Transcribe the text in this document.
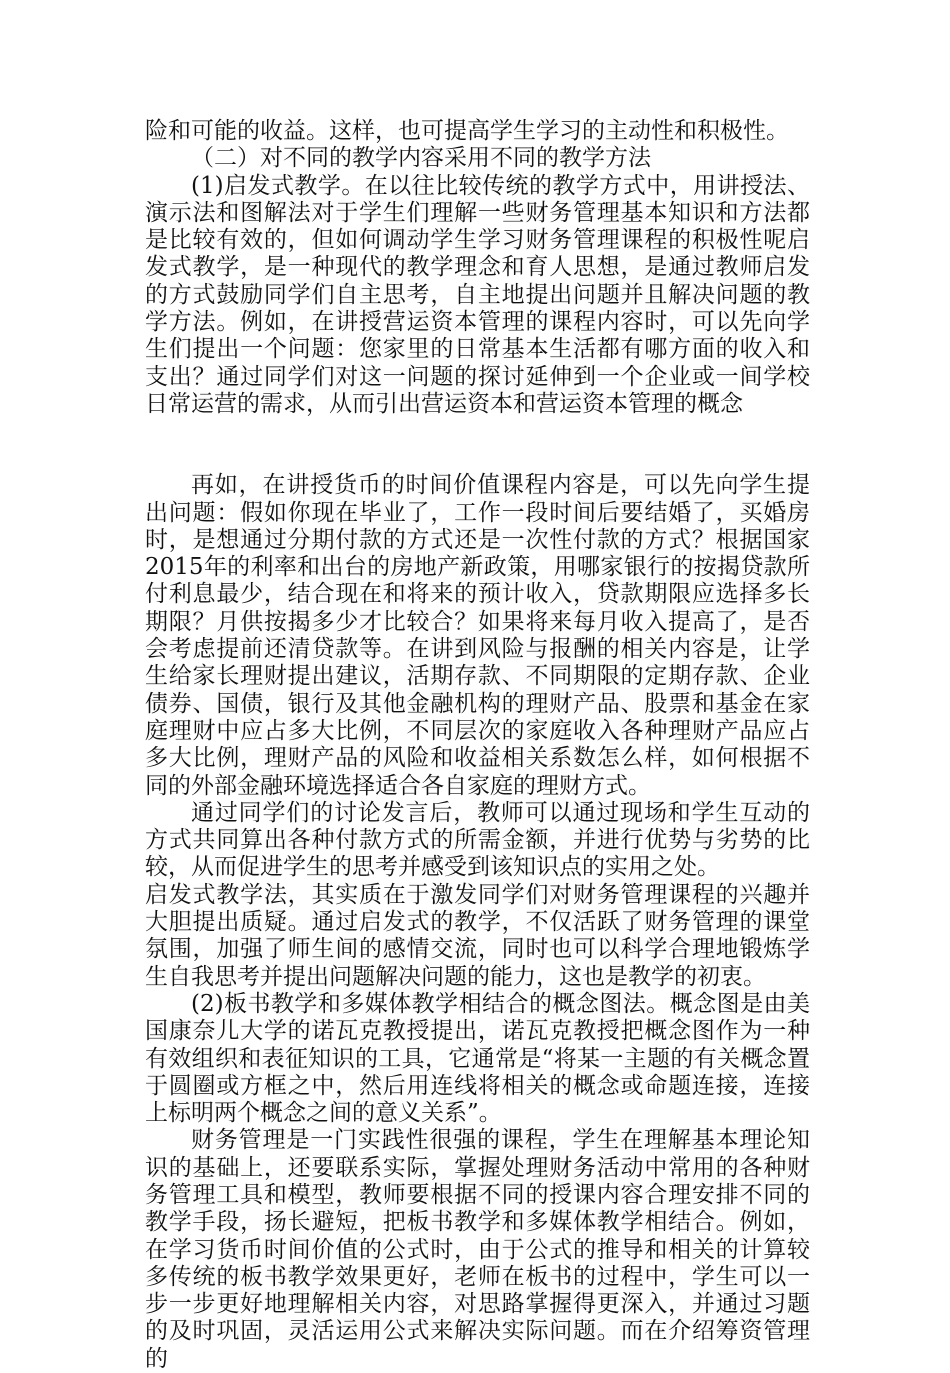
险和可能的收益。这样，也可提高学生学习的主动性和积极性。

（二）对不同的教学内容采用不同的教学方法

(1)启发式教学。在以往比较传统的教学方式中，用讲授法、演示法和图解法对于学生们理解一些财务管理基本知识和方法都是比较有效的，但如何调动学生学习财务管理课程的积极性呢启发式教学，是一种现代的教学理念和育人思想，是通过教师启发的方式鼓励同学们自主思考，自主地提出问题并且解决问题的教学方法。例如，在讲授营运资本管理的课程内容时，可以先向学生们提出一个问题：您家里的日常基本生活都有哪方面的收入和支出？通过同学们对这一问题的探讨延伸到一个企业或一间学校日常运营的需求，从而引出营运资本和营运资本管理的概念

再如，在讲授货币的时间价值课程内容是，可以先向学生提出问题：假如你现在毕业了，工作一段时间后要结婚了，买婚房时，是想通过分期付款的方式还是一次性付款的方式？根据国家2015年的利率和出台的房地产新政策，用哪家银行的按揭贷款所付利息最少，结合现在和将来的预计收入，贷款期限应选择多长期限？月供按揭多少才比较合？如果将来每月收入提高了，是否会考虑提前还清贷款等。在讲到风险与报酬的相关内容是，让学生给家长理财提出建议，活期存款、不同期限的定期存款、企业债券、国债，银行及其他金融机构的理财产品、股票和基金在家庭理财中应占多大比例，不同层次的家庭收入各种理财产品应占多大比例，理财产品的风险和收益相关系数怎么样，如何根据不同的外部金融环境选择适合各自家庭的理财方式。

通过同学们的讨论发言后，教师可以通过现场和学生互动的方式共同算出各种付款方式的所需金额，并进行优势与劣势的比较，从而促进学生的思考并感受到该知识点的实用之处。

启发式教学法，其实质在于激发同学们对财务管理课程的兴趣并大胆提出质疑。通过启发式的教学，不仅活跃了财务管理的课堂氛围，加强了师生间的感情交流，同时也可以科学合理地锻炼学生自我思考并提出问题解决问题的能力，这也是教学的初衷。

(2)板书教学和多媒体教学相结合的概念图法。概念图是由美国康奈儿大学的诺瓦克教授提出，诺瓦克教授把概念图作为一种有效组织和表征知识的工具，它通常是“将某一主题的有关概念置于圆圈或方框之中，然后用连线将相关的概念或命题连接，连接上标明两个概念之间的意义关系”。

财务管理是一门实践性很强的课程，学生在理解基本理论知识的基础上，还要联系实际，掌握处理财务活动中常用的各种财务管理工具和模型，教师要根据不同的授课内容合理安排不同的教学手段，扬长避短，把板书教学和多媒体教学相结合。例如，在学习货币时间价值的公式时，由于公式的推导和相关的计算较多传统的板书教学效果更好，老师在板书的过程中，学生可以一步一步更好地理解相关内容，对思路掌握得更深入，并通过习题的及时巩固，灵活运用公式来解决实际问题。而在介绍筹资管理的
